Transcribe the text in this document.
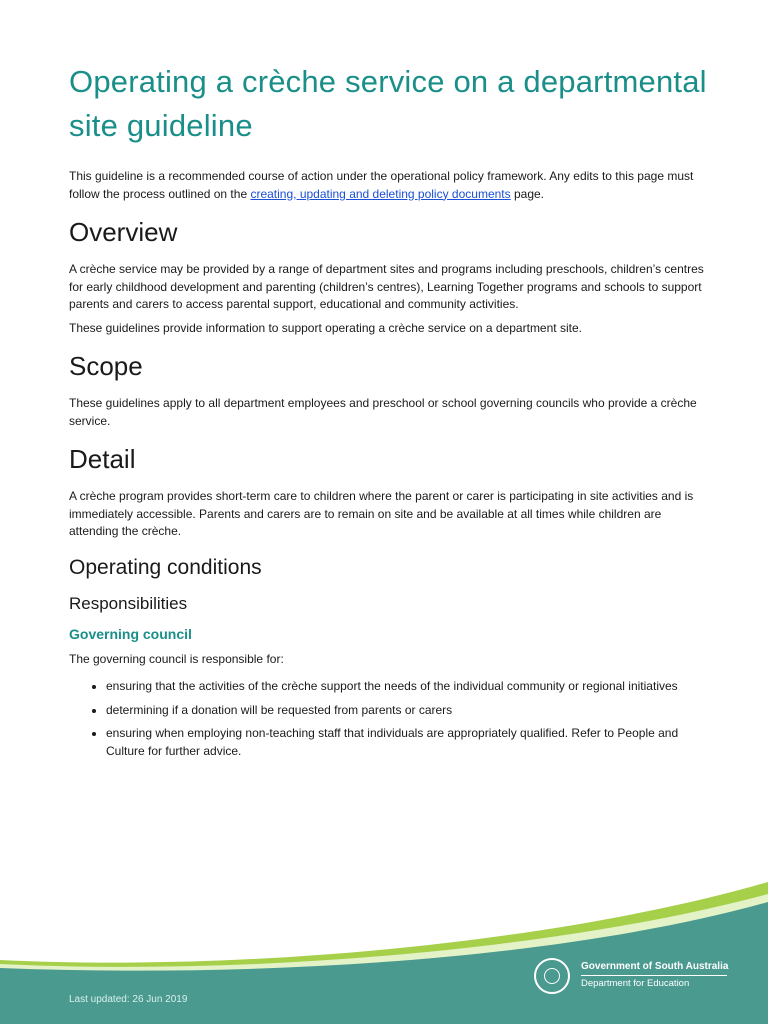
Operating a crèche service on a departmental site guideline

This guideline is a recommended course of action under the operational policy framework. Any edits to this page must follow the process outlined on the creating, updating and deleting policy documents page.

Overview

A crèche service may be provided by a range of department sites and programs including preschools, children’s centres for early childhood development and parenting (children’s centres), Learning Together programs and schools to support parents and carers to access parental support, educational and community activities.

These guidelines provide information to support operating a crèche service on a department site.

Scope

These guidelines apply to all department employees and preschool or school governing councils who provide a crèche service.

Detail

A crèche program provides short-term care to children where the parent or carer is participating in site activities and is immediately accessible. Parents and carers are to remain on site and be available at all times while children are attending the crèche.

Operating conditions
Responsibilities
Governing council

The governing council is responsible for:

• ensuring that the activities of the crèche support the needs of the individual community or regional initiatives
• determining if a donation will be requested from parents or carers
• ensuring when employing non-teaching staff that individuals are appropriately qualified. Refer to People and Culture for further advice.
Last updated: 26 Jun 2019
Government of South Australia
Department for Education
